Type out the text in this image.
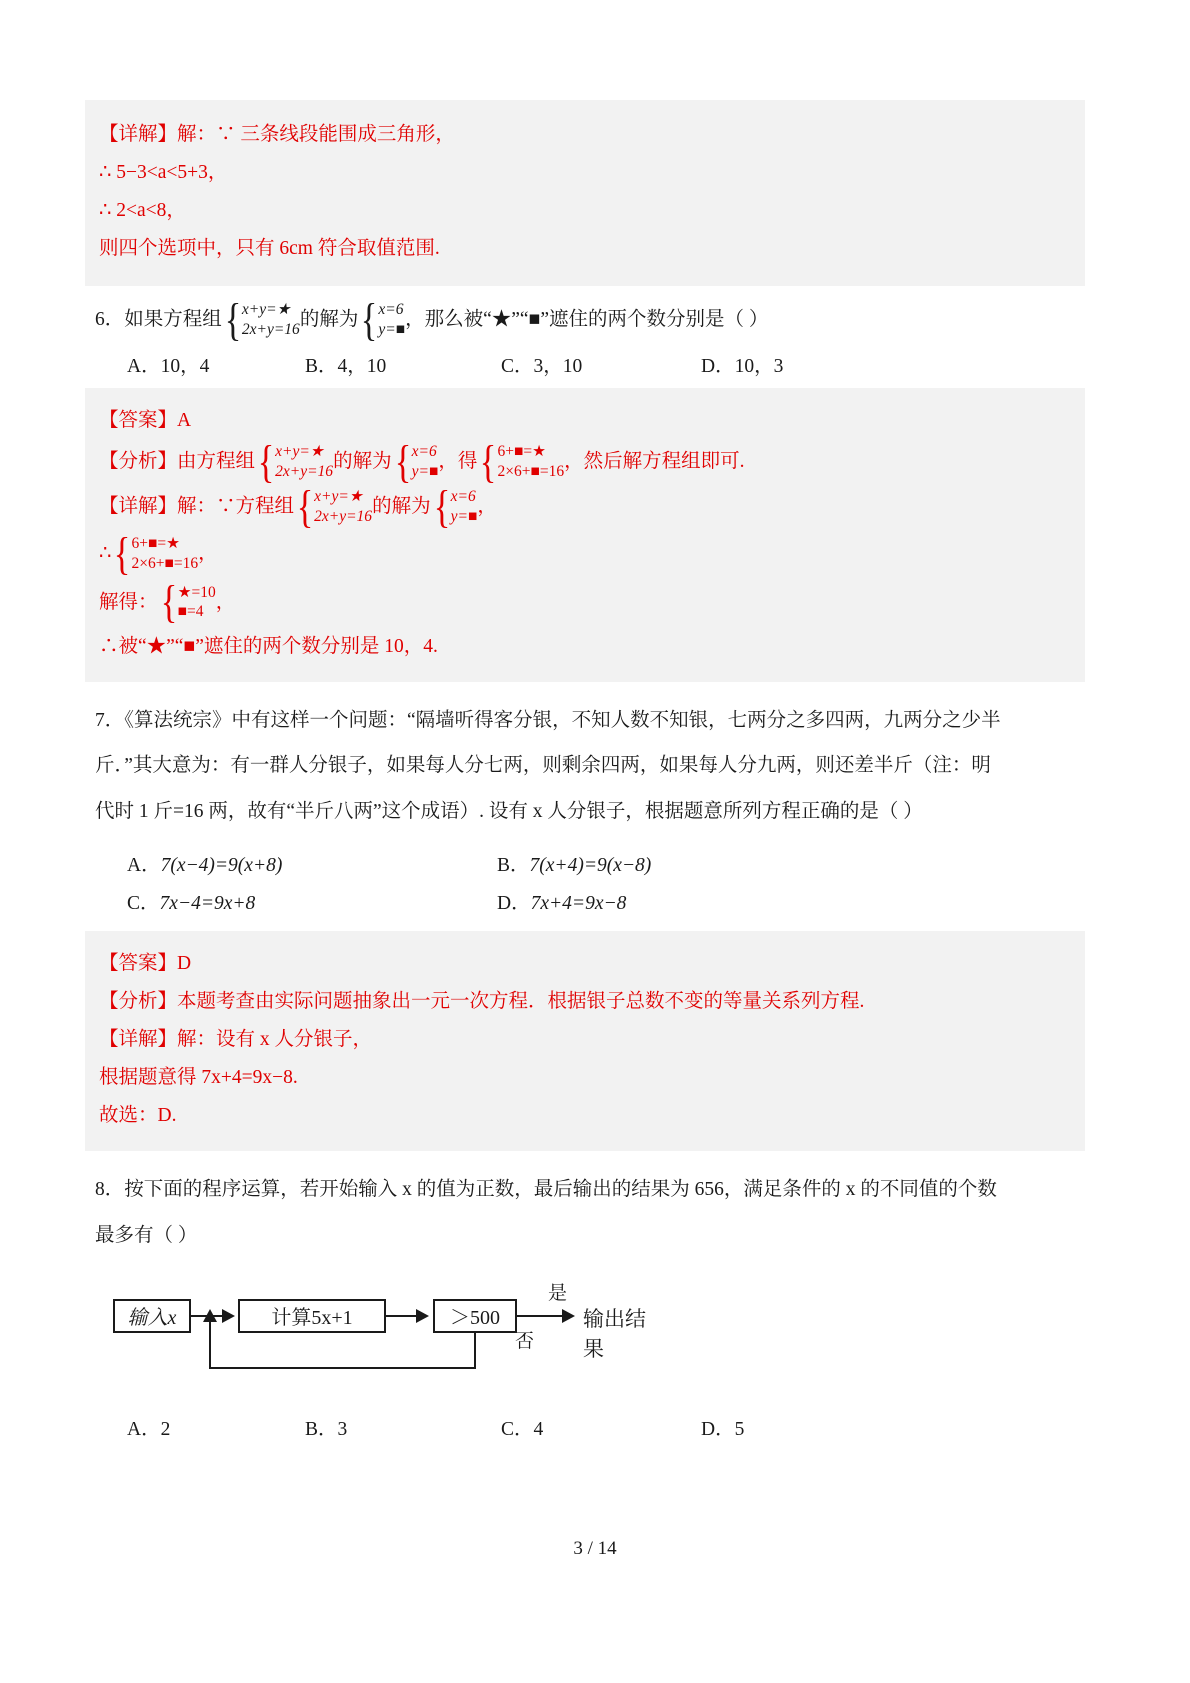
【详解】解：∵ 三条线段能围成三角形，
∴ 5−3<a<5+3，
∴ 2<a<8，
则四个选项中，只有 6cm 符合取值范围.
6．如果方程组 { x+y=★
2x+y=16 的解为 { x=6
y=■ ，那么被“★”“■”遮住的两个数分别是（ ）
A．10，4	B．4，10	C．3，10	D．10，3
【答案】A
【分析】由方程组 { x+y=★
2x+y=16 的解为 { x=6
y=■ ，得 { 6+■=★
2×6+■=16 ，然后解方程组即可.
【详解】解：∵方程组 { x+y=★
2x+y=16 的解为 { x=6
y=■ ，
∴ { 6+■=★
2×6+■=16 ，
解得： { ★=10
■=4 ，
∴被“★”“■”遮住的两个数分别是 10，4.
7．《算法统宗》中有这样一个问题：“隔墙听得客分银，不知人数不知银，七两分之多四两，九两分之少半
斤．”其大意为：有一群人分银子，如果每人分七两，则剩余四两，如果每人分九两，则还差半斤（注：明
代时 1 斤=16 两，故有“半斤八两”这个成语）. 设有 x 人分银子，根据题意所列方程正确的是（ ）
A．7(x−4)=9(x+8)	B．7(x+4)=9(x−8)
C．7x−4=9x+8	D．7x+4=9x−8
【答案】D
【分析】本题考查由实际问题抽象出一元一次方程．根据银子总数不变的等量关系列方程.
【详解】解：设有 x 人分银子，
根据题意得 7x+4=9x−8.
故选：D.
8．按下面的程序运算，若开始输入 x 的值为正数，最后输出的结果为 656，满足条件的 x 的不同值的个数
最多有（ ）
输入x	计算5x+1	＞500
是
否
输出结果
A．2	B．3	C．4	D．5
3 / 14
